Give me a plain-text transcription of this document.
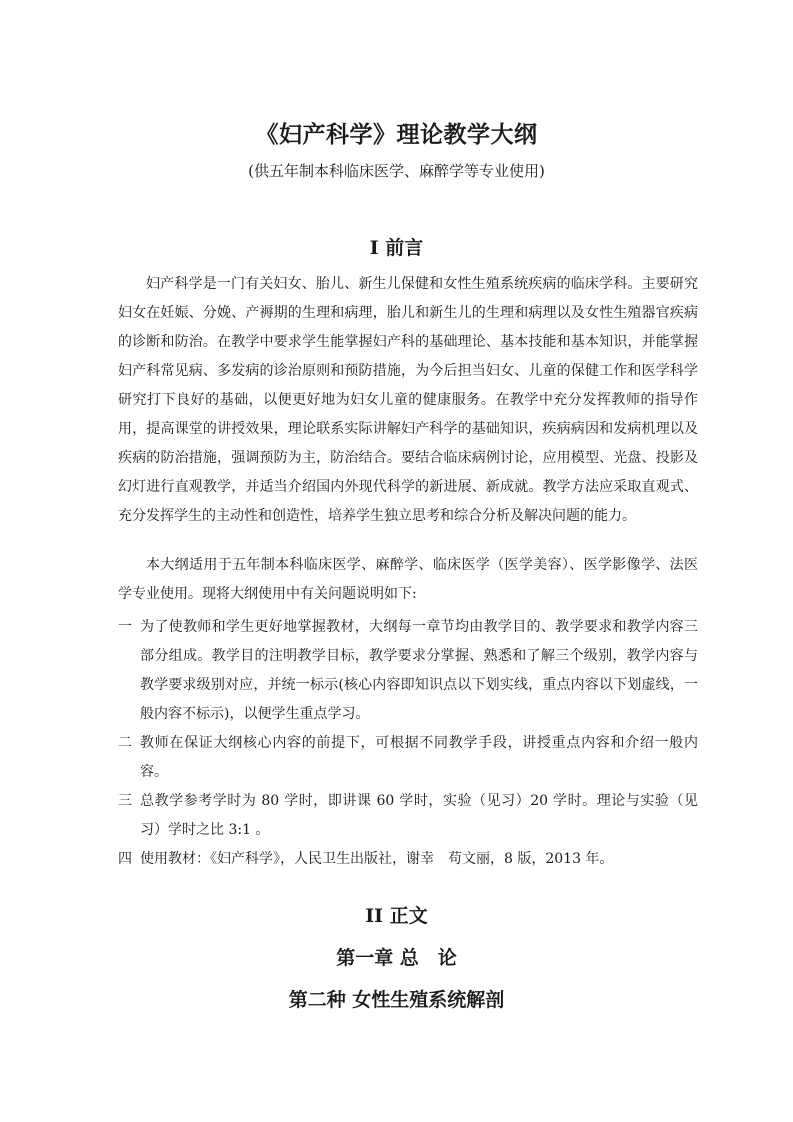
《妇产科学》理论教学大纲
(供五年制本科临床医学、麻醉学等专业使用)
I 前言

妇产科学是一门有关妇女、胎儿、新生儿保健和女性生殖系统疾病的临床学科。主要研究妇女在妊娠、分娩、产褥期的生理和病理，胎儿和新生儿的生理和病理以及女性生殖器官疾病的诊断和防治。在教学中要求学生能掌握妇产科的基础理论、基本技能和基本知识，并能掌握妇产科常见病、多发病的诊治原则和预防措施，为今后担当妇女、儿童的保健工作和医学科学研究打下良好的基础，以便更好地为妇女儿童的健康服务。在教学中充分发挥教师的指导作用，提高课堂的讲授效果，理论联系实际讲解妇产科学的基础知识，疾病病因和发病机理以及疾病的防治措施，强调预防为主，防治结合。要结合临床病例讨论，应用模型、光盘、投影及幻灯进行直观教学，并适当介绍国内外现代科学的新进展、新成就。教学方法应采取直观式、充分发挥学生的主动性和创造性，培养学生独立思考和综合分析及解决问题的能力。

本大纲适用于五年制本科临床医学、麻醉学、临床医学（医学美容）、医学影像学、法医学专业使用。现将大纲使用中有关问题说明如下:

一 为了使教师和学生更好地掌握教材，大纲每一章节均由教学目的、教学要求和教学内容三部分组成。教学目的注明教学目标，教学要求分掌握、熟悉和了解三个级别，教学内容与教学要求级别对应，并统一标示(核心内容即知识点以下划实线，重点内容以下划虚线，一般内容不标示)，以便学生重点学习。
二 教师在保证大纲核心内容的前提下，可根据不同教学手段，讲授重点内容和介绍一般内容。
三 总教学参考学时为 80 学时，即讲课 60 学时，实验（见习）20 学时。理论与实验（见习）学时之比 3:1 。
四 使用教材：《妇产科学》，人民卫生出版社，谢幸　苟文丽，8 版，2013 年。
II 正文
第一章 总　论
第二种 女性生殖系统解剖
